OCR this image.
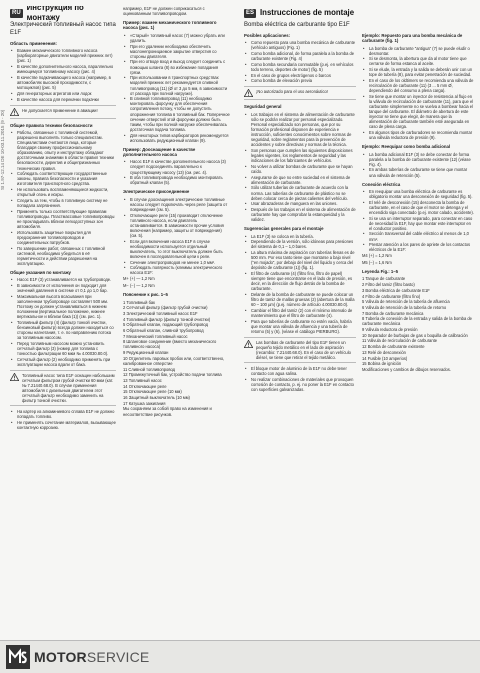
SI 1.97-12.14 DE 10-03.11.2015 (9 - 20)
RU
Инструкция по монтажу
Электрический топливный насос типа E1F
Область применения:
• Взамен механического топливного насоса (карбюраторные двигатели моделей прежних лет) (рис. 1)
• В качестве дополнительного насоса, параллельно имеющемуся топливному насосу (рис. 4)
• В качестве подкачивающего насоса (например, в автомобилях высокой проходимости, с мотоциклов) (рис. 5)
• Для генераторных агрегатов или лодок
• В качестве насоса для перекачки подкачки
Не допускается применение в авиации!
Общие правила техники безопасности
• Работы, связанные с топливной системой, разрешено выполнять только специалистам. Специалистами считаются лица, которые благодаря своему профессиональному образованию, опыту и инструктажу обладают достаточными знаниями в области правил техники безопасности, директив и общепризнанных технических правил.
• Соблюдать соответствующие государственные законы, правила безопасности и указания изготовителя транспортного средства.
• Не использовать воспламеняющиеся жидкости, открытый огонь и искры.
• Следить за тем, чтобы в топливную систему не попадала загрязнения.
• Применять только соответствующие правилам топливопроводы. Пластмассовые топливопроводы не прокладывать вблизи легкодоступных зон автомобиля.
• Использовать защитные покрытия для предохранения топливопроводов и соединительных патрубков.
• По завершении работ, связанных с топливной системой, необходимо убедиться в её герметичности и действии разрешения на эксплуатацию.
Общие указания по монтажу
• Насос E1F (3) устанавливается на трубопроводе.
• В зависимости от исполнения он подходит для значений давления в системе от 0,1 до 1,0 бар.
• Максимальная высота всасывания при заполненном трубопроводе составляет 500 мм. Поэтому он должен устанавливаться в нижнем положении (вертикальное положение, нижнее вертикальное и вблизи бака (1)) (см. рис. 1).
• Топливный фильтр (4) (фильтр тонкой очистки, бензиновый фильтр) всегда должен находиться со стороны нагнетания, т. е. по направлению потока за топливным насосом.
• Перед топливным насосом можно установить сетчатый фильтр (3) (номер для топлива с тонкостью фильтрации 60 мкм № 4.00030.80.0).
• Сетчатый фильтр (2) необходимо применять при эксплуатации насоса вдали от бака.
Топливный насос типа E1F оснащен набольшим сетчатым фильтром грубой очистки 60 мкм (кат. № 7.21440.68.0). В случае применения автомобиля с дизельным двигателем этот сетчатый фильтр необходимо заменить на фильтр тонкой очистки.
• На картер из алюминиевого сплава E1F не должно попадать топливо.
• Не применять сочетание материалов, вызывающее контактную коррозию.

например, E1F не должен соприкасаться с оцинкованным топливопроводом.

Пример: взамен механического топливного насоса (рис. 1)
• «Старый» топливный насос (7) можно убрать или удалить.
• При его удалении необходимо обеспечить маслонепроницаемое закрытие отверстия со стороны двигателя.
• При его отводе вход и выход следует соединить с помощью шланга (8) во избежание попадания грязи.
• При использовании в транспортных средствах моделей прежних лет рекомендуется сливной топливопровод (11) (Ø от 3 до 5 мм, в зависимости от расхода при полной нагрузке).
• В сливной топливопровод (11) необходимо монтировать форсунку для обеспечения сопротивления потоку, чтобы не допустить опорожнения топлива в топливный бак. Поперечное сечение отверстий этой форсунки должно быть таким, чтобы при полной нагрузке обеспечивалась достаточная подача топлива.
• Для некоторых типов карбюраторов рекомендуется использовать редукционный клапан (9).
Пример: Дооснащение в качестве дополнительного насоса
• Насос E1F в качестве дополнительного насоса (3) следует подсоединять параллельно к существующему насосу (13) (см. рис. 4).
• В оба топливопровода необходимо монтировать обратный клапан (5).
Электрическое присоединение
• В случае дооснащения электрические топливные насосы следует подключать через реле (защита от повреждения (см. 5).
• Отключающее реле (15) производит отключение топливного насоса, если двигатель останавливается. В зависимости прочие условия включения (например, защиты от повреждения) (см. 5).
• Если для включения насоса E1F в случае необходимости используется отдельный выключатель, то этот выключатель должен быть включен в последовательной цепи к реле.
• Сечение электропроводов не менее 1,0 мм².
• Соблюдать полярность (клеммы электрического насоса E1F:

M+ (+) — 1,2 Nm

M− (−) — 1,2 Nm

Пояснение к рис. 1–5
1 Топливный бак
2 Сетчатый фильтр (фильтр грубой очистки)
3 Электрический топливный насос E1F
4 Топливный фильтр (фильтр тонкой очистки)
5 Обратный клапан, подающий трубопровод
6 Обратный клапан, сливной трубопровод
7 Механический топливный насос
8 Шланговое соединение (вместо механического топливного насоса)
9 Редукционный клапан
10 Отделитель паровых пробок или, соответственно, калиброванное отверстие
11 Сливной топливопровод
12 Промежуточный бак, устройство подачи топлива
13 Топливный насос
14 Отключающее реле
15 Отключающее реле (10 мм)
16 Защитный выключатель (10 мм)
17 Катушка зажигания

Мы сохраняем за собой право на изменения и несоответствие рисунков.

ES Instrucciones de montaje
Bomba eléctrica de carburante tipo E1F
Posibles aplicaciones:
• Como repuesto para una bomba mecánica de carburante (vehículo antiguos) (Fig. 1)
• Como bomba adicional, de forma paralela a la bomba de carburante existente (Fig. 4)
• Como bomba secundaria conmutable (p.ej. en vehículos todo terreno, deportes de motor) (fig. 5)
• En el caso de grupos electrógenos o barcos
• Como bomba de elevación previa
¡No autorizado para el uso aeronáutico!
Seguridad general
• Los trabajos en el sistema de alimentación de carburante sólo se podrán realizar por personal especializado. Personal especializado son personas, que por su formación profesional disponen de experiencia e instrucción, suficientes conocimientos sobre normas de seguridad, sobre reglamentos para la prevención de accidentes y sobre directivas y normas de la técnica.
• Son personas que cumplen las siguientes disposiciones legales vigentes, los reglamentos de seguridad y las indicaciones de los fabricantes de vehículos.
• No volver a utilizar bombas de carburante que se hayan caído.
• Asegurarse de que no entre suciedad en el sistema de alimentación de carburante.
• Sólo utilizar tuberías de carburante de acuerdo con la norma. Las tuberías de carburante de plástico no se deben colocar cerca de piezas calientes del vehículo.
• Usar abrazaderas de manguera en las uniones.
• Después de los trabajos en el sistema de alimentación de carburante hay que comprobar la estanqueidad y la validez.
Sugerencias generales para el montaje
• La E1F (3) se coloca en la tubería.
• Dependiendo de la versión, sólo idóneas para presiones del sistema de 0,1 – 1,0 bares.
• La altura máxima de aspiración con tuberías llenas es de 500 mm. Por eso tanto tiene que montarse a bajo nivel ("en mojado", por debajo del nivel del líquido y cerca del depósito de carburante (1)) (fig. 1).
• El filtro de carburante (4) (filtro fino, filtro de papel) siempre tiene que encontrarse en el lado de presión, es decir, en la dirección de flujo detrás de la bomba de carburante.
• Delante de la bomba de carburante se puede colocar un filtro de tamiz de mallas gruesas (2) (abertura de la malla 60 – 100 µm) (p.ej. número de artículo 4.00030.80.0).
• Cambiar el filtro del tamiz (2) con el mínimo intervalo de mantenimiento que el filtro de carburante (4).
• Para que tuberías de carburante no estén vacía, habría que montar una válvula de afluencia y una tubería de retorno (5) y (6), (véase el catálogo PIERBURG).
Las bombas de carburante del tipo E1F tienen un pequeño tejido metálico en el lado de aspiración (recambio: 7.21440.68.0). En el caso de un vehículo diésel, se tiene que retirar el tejido metálico.
• El bloque motor de aluminio de la E1F no debe tener contacto con agua salina.
• No realizar combinaciones de materiales que provoquen corrosión de contacto, p. ej. no poner la E1F en contacto con superficies galvanizadas.
Ejemplo: Repuesto para una bomba mecánica de carburante (fig. 1)
• La bomba de carburante "antigua" (7) se puede eludir o desmontar.
• Si se desmonta, la abertura que da al motor tiene que cerrarse de forma estanca al aceite.
• Si se elude, la entrada y la salida se deberán unir con un tope de tubería (8), para evitar penetración de suciedad.
• En el caso de los oldtimers se recomienda una válvula de recirculación de carburante (11) (3 ... 5 mm Ø, dependiendo del consumo a plena carga).
• Se tiene que montar un inyector de resistencia al flujo en la válvula de recirculación de carburante (11), para que el carburante simplemente no se vuelva a bombear hacia el tanque del carburante. El diámetro de abertura de este inyector se tiene que elegir, de manera que la alimentación de carburante también esté asegurada en caso de plena carga.
• En algunos tipos de carburadores se recomienda montar una válvula reductora de presión (9).
Ejemplo: Reequipar como bomba adicional
• La bomba adicional E1F (3) se debe conectar de forma paralela a la bomba de carburante existente (12) (véase Fig. 4).
• En ambas tuberías de carburante se tiene que montar una válvula de retención (5).
Conexión eléctrica
• En reequipar una bomba eléctrica de carburante es obligatorio montar una desconexión de seguridad (fig. 5).
• El relé de desconexión (15) desconecta la bomba de carburante, en el caso de que el motor se detenga y el encendido siga conectado (p.ej. motor calado, accidente).
• Si se usa un interruptor separado, para conectar en caso de necesidad la E1F, hay que montar este interruptor en el conductor positivo.
• Sección transversal del cable eléctrico al menos de 1,0 mm².
• Prestar atención a los pares de apriete de los contactos eléctricos de la E1F:

M4 (+) = 1,2 Nm

M5 (−) = 1,6 Nm

Leyenda Fig.: 1–5
1 Tanque de carburante
2 Filtro del tamiz (filtro basto)
3 Bomba eléctrica de carburante E1F
4 Filtro de carburante (filtro fino)
5 Válvula de retención de la tubería de afluencia
6 Válvula de retención de la tubería de retorno
7 Bomba de carburante mecánica
8 Tubería de conexión de la entrada y salida de la bomba de carburante mecánica
9 Válvula reductora de presión
10 Separador de burbujas de gas o boquilla de calibración
11 Válvula de recirculación de carburante
12 Bomba de carburante existente
13 Relé de desconexión
14 Fusible (10 amperios)
15 Bobina de ignición

Modificaciones y cambios de dibujos reservados.

MOTORSERVICE
